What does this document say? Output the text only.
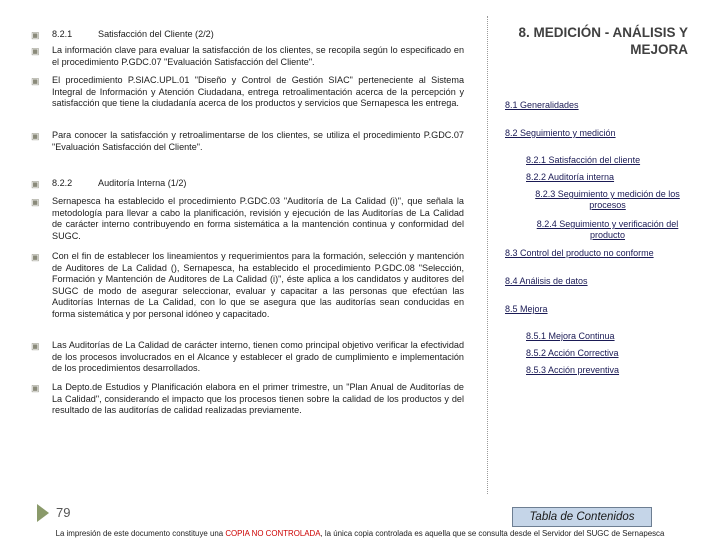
▣ 8.2.1	Satisfacción del Cliente (2/2)
▣ La información clave para evaluar la satisfacción de los clientes, se recopila según lo especificado en el procedimiento P.GDC.07 "Evaluación Satisfacción del Cliente".
▣ El procedimiento P.SIAC.UPL.01 "Diseño y Control de Gestión SIAC" perteneciente al Sistema Integral de Información y Atención Ciudadana, entrega retroalimentación acerca de la percepción y satisfacción que tiene la ciudadanía acerca de los productos y servicios que Sernapesca les entrega.
▣ Para conocer la satisfacción y retroalimentarse de los clientes, se utiliza el procedimiento P.GDC.07 "Evaluación Satisfacción del Cliente".
▣ 8.2.2	Auditoría Interna (1/2)
▣ Sernapesca ha establecido el procedimiento P.GDC.03 "Auditoría de La Calidad (i)", que señala la metodología para llevar a cabo la planificación, revisión y ejecución de las Auditorías de La Calidad de carácter interno contribuyendo en forma sistemática a la mantención continua y conformidad del SUGC.
▣ Con el fin de establecer los lineamientos y requerimientos para la formación, selección y mantención de Auditores de La Calidad (), Sernapesca, ha establecido el procedimiento P.GDC.08 "Selección, Formación y Mantención de Auditores de La Calidad (i)", éste aplica a los candidatos y auditores del SUGC de modo de asegurar seleccionar, evaluar y capacitar a las personas que efectúan las Auditorías Internas de La Calidad, con lo que se asegura que las auditorías sean conducidas en forma sistemática y por personal idóneo y capacitado.
▣ Las Auditorías de La Calidad de carácter interno, tienen como principal objetivo verificar la efectividad de los procesos involucrados en el Alcance y establecer el grado de cumplimiento e implementación de los procedimientos desarrollados.
▣ La Depto.de Estudios y Planificación elabora en el primer trimestre, un "Plan Anual de Auditorías de La Calidad", considerando el impacto que los procesos tienen sobre la calidad de los productos y del resultado de las auditorías de calidad realizadas previamente.
8. MEDICIÓN - ANÁLISIS Y MEJORA
8.1 Generalidades
8.2 Seguimiento y medición
8.2.1 Satisfacción del cliente
8.2.2 Auditoría interna
8.2.3 Seguimiento y medición de los procesos
8.2.4 Seguimiento y verificación del producto
8.3 Control del producto no conforme
8.4 Análisis de datos
8.5 Mejora
8.5.1 Mejora Continua
8.5.2 Acción Correctiva
8.5.3 Acción preventiva
79	Tabla de Contenidos
La impresión de este documento constituye una COPIA NO CONTROLADA, la única copia controlada es aquella que se consulta desde el Servidor del SUGC de Sernapesca
